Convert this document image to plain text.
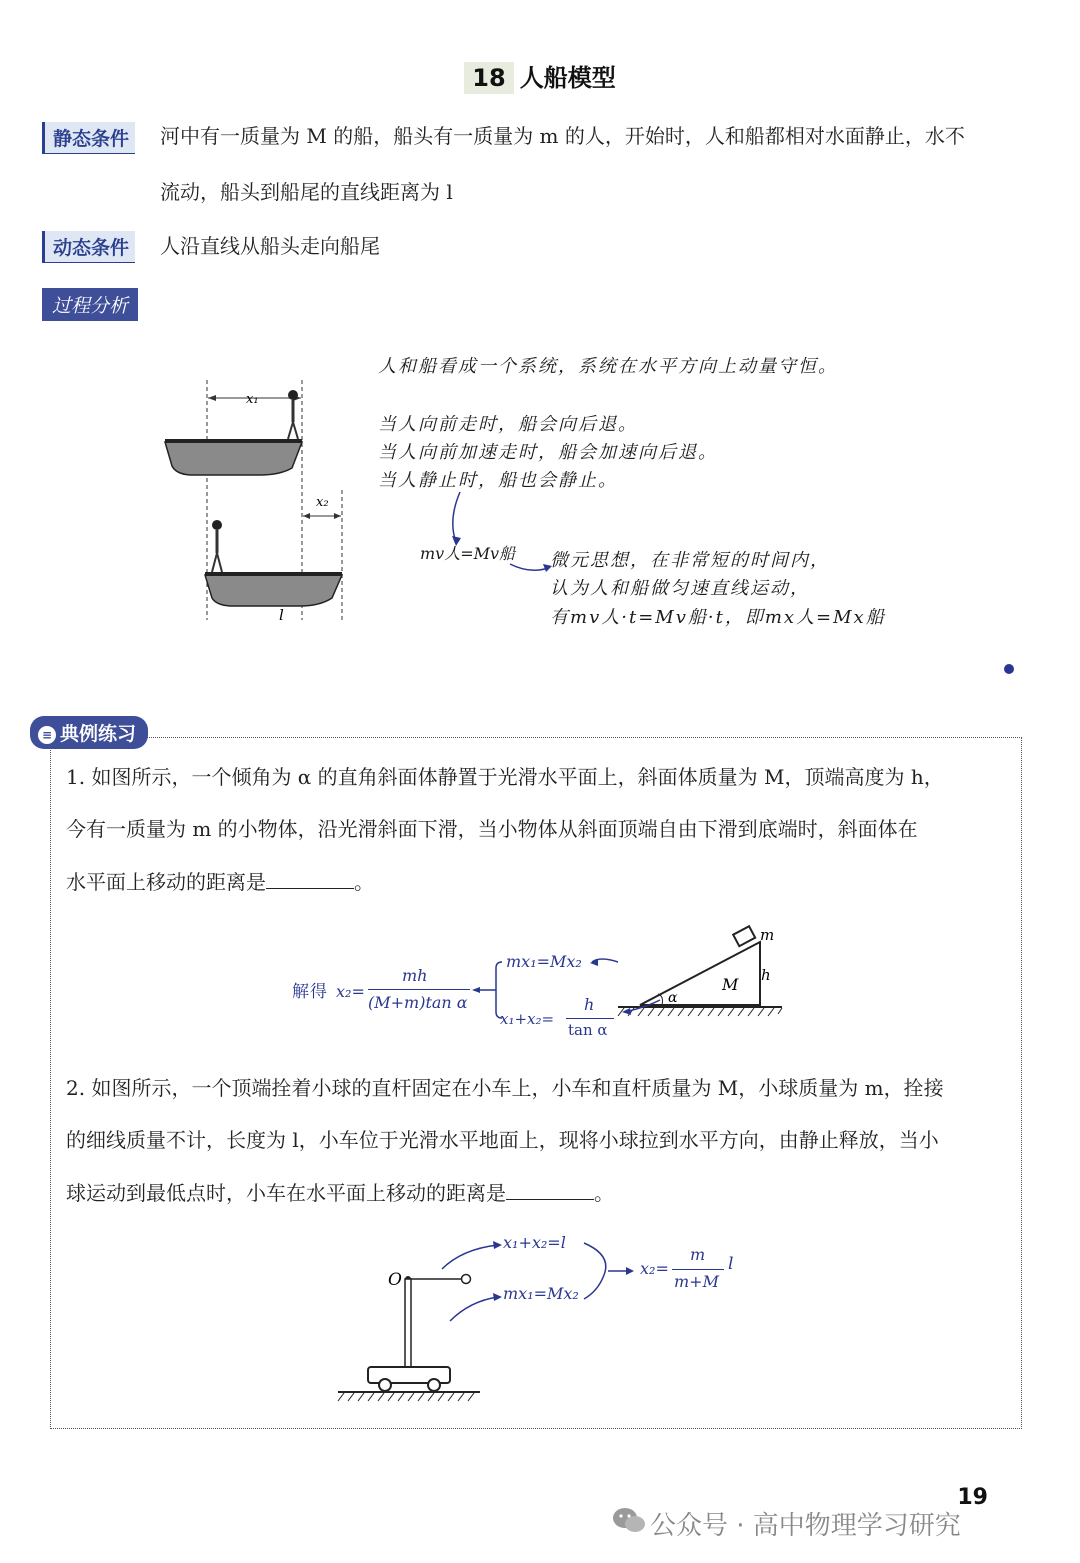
18 人船模型
静态条件	河中有一质量为 M 的船，船头有一质量为 m 的人，开始时，人和船都相对水面静止，水不
流动，船头到船尾的直线距离为 l
动态条件	人沿直线从船头走向船尾
过程分析
x₁
x₂
l
人和船看成一个系统，系统在水平方向上动量守恒。
当人向前走时，船会向后退。
当人向前加速走时，船会加速向后退。
当人静止时，船也会静止。
mv人=Mv船 微元思想，在非常短的时间内，
认为人和船做匀速直线运动，
有mv人·t=Mv船·t，即mx人=Mx船
≡ 典例练习
1. 如图所示，一个倾角为 α 的直角斜面体静置于光滑水平面上，斜面体质量为 M，顶端高度为 h，
今有一质量为 m 的小物体，沿光滑斜面下滑，当小物体从斜面顶端自由下滑到底端时，斜面体在
水平面上移动的距离是	。
解得 x₂=
mh
(M+m)tan α
mx₁=Mx₂
x₁+x₂=
h
tan α
m
M h
α
2. 如图所示，一个顶端拴着小球的直杆固定在小车上，小车和直杆质量为 M，小球质量为 m，拴接
的细线质量不计，长度为 l，小车位于光滑水平地面上，现将小球拉到水平方向，由静止释放，当小
球运动到最低点时，小车在水平面上移动的距离是	。
O
x₁+x₂=l
mx₁=Mx₂
x₂=
m
m+M
l
19
公众号 · 高中物理学习研究
